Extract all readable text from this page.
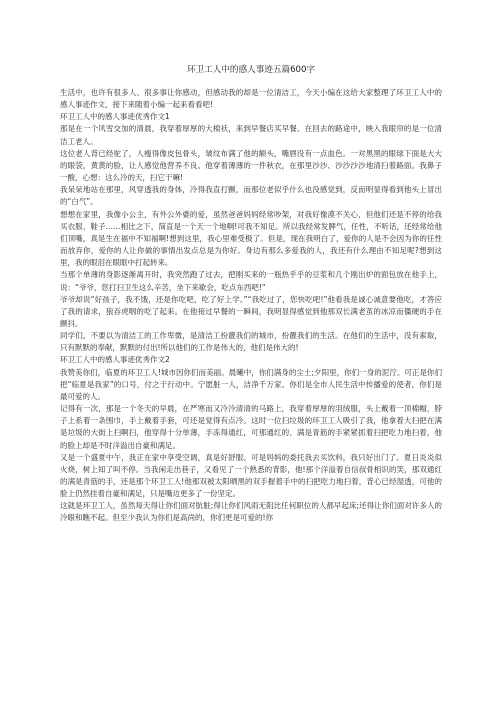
环卫工人中的感人事迹五篇600字

生活中，也许有很多人、很多事让你感动，但感动我的却是一位清洁工，今天小编在这给大家整理了环卫工人中的感人事迹作文，接下来随着小编一起来看看吧!

环卫工人中的感人事迹优秀作文1

那是在一个风雪交加的清晨，我穿着厚厚的大棉袄，来到早餐店买早餐。在回去的路途中，映入我眼帘的是一位清洁工老人。

这位老人背已经驼了，人瘦得像皮包骨头，皱纹布满了他的额头，嘴唇没有一点血色。一对黑黑的眼球下面是大大的眼袋，黄黄的脸，让人感觉他营养不良。他穿着薄薄的一件秋衣，在那里沙沙、沙沙沙沙地清扫着路面。我鼻子一酸，心想：这么冷的天，扫它干嘛!

我呆呆地站在那里，风穿透我的身体，冷得我直打颤，而那位老似乎什么也没感觉到，反而明显得看到他头上冒出的“白气”。

想想在家里，我像小公主，有外公外婆的爱，虽然爸爸妈妈经常吵架，对我好像漠不关心，但他们还是不停的给我买衣服、鞋子……相比之下，简直是一个天一个地啊!可我不知足。所以我经常发脾气，任性，不听话，还经常给他们顶嘴，真是生在福中不知福啊!想到这里，我心里难受极了。但是，现在我明白了，爱你的人是不会因为你的任性而放弃你，爱你的人让你做的事情出发点总是为你好。身边有那么多爱我的人，我还有什么理由不知足呢?想到这里，我的眼泪在眼眶中打起转来。

当那个单薄的身影逐渐离开时，我突然跑了过去，把刚买来的一瓶热乎乎的豆浆和几个刚出炉的面包放在他手上，说：“爷爷，您打扫卫生这么辛苦，坐下来歇会，吃点东西吧!”

爷爷却说“好孩子，我不饿，还是你吃吧，吃了好上学。”“我吃过了，您快吃吧!”他看我是诚心诚意要他吃，才答应了我的请求，狼吞虎咽的吃了起来。在他接过早餐的一瞬间，我明显得感觉到他那双长满老茧的冰凉而僵硬的手在颤抖。

同学们，不要以为清洁工的工作卑微，是清洁工扮靓我们的城市，扮靓我们的生活。在他们的生活中，没有索取，只有默默的奉献，默默的付出!所以他们的工作是伟大的，他们是伟大的!

环卫工人中的感人事迹优秀作文2

我赞美你们，临夏的环卫工人!城市因你们而美丽。晨曦中，你们满身的尘土;夕阳里，你们一身的泥泞。可正是你们把“临夏是我家”的口号，付之于行动中。宁愿脏一人，洁净千万家。你们是全市人民生活中传播爱的使者，你们是最可爱的人。

记得有一次，那是一个冬天的早晨，在严寒而又冷冷清清的马路上，我穿着厚厚的羽绒服，头上戴着一顶棉帽，脖子上系着一条围巾，手上戴着手套，可还是觉得有点冷。这时一位扫垃圾的环卫工人吸引了我，他拿着大扫把在满是垃圾的大街上扫啊扫，他穿得十分单薄，手冻得通红，可那通红的、满是青筋的手紧紧抓着扫把吃力地扫着，他的脸上却是不时洋溢出自豪和满足。

又是一个盛夏中午，我正在家中享受空调，真是好舒服。可是妈妈的委托我去买饮料，我只好出门了。夏日炎炎似火烧，树上知了叫不停。当我闲走出巷子，又看见了一个熟悉的背影，他!那个洋溢着自信叔骨相识的笑，那双通红的满是青筋的手，还是那个环卫工人!他那双被太阳晒黑的双手握着手中的扫把吃力地扫着，背心已经湿透，可他的脸上仍然挂着自豪和满足，只是嘴边更多了一份坚定。

这就是环卫工人，虽然每天得让你们面对肮脏;得让你们风雨无阻比任何职位的人都早起床;还得让你们面对许多人的冷眼和瞧不起。但至少我认为你们是高尚的，你们更是可爱的!你
